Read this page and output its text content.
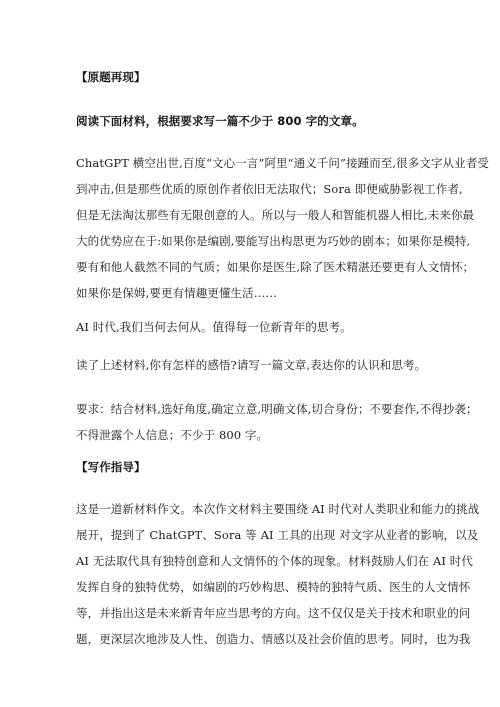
【原题再现】
阅读下面材料，根据要求写一篇不少于 800 字的文章。
ChatGPT 横空出世,百度“文心一言”阿里“通义千问”接踵而至,很多文字从业者受
到冲击,但是那些优质的原创作者依旧无法取代；Sora 即便威胁影视工作者,
但是无法淘汰那些有无限创意的人。所以与一般人和智能机器人相比,未来你最
大的优势应在于:如果你是编剧,要能写出构思更为巧妙的剧本；如果你是模特,
要有和他人截然不同的气质；如果你是医生,除了医术精湛还要更有人文情怀；
如果你是保姆,要更有情趣更懂生活……
AI 时代,我们当何去何从。值得每一位新青年的思考。
读了上述材料,你有怎样的感悟?请写一篇文章,表达你的认识和思考。
要求：结合材料,选好角度,确定立意,明确文体,切合身份；不要套作,不得抄袭；
不得泄露个人信息；不少于 800 字。
【写作指导】
这是一道新材料作文。本次作文材料主要围绕 AI 时代对人类职业和能力的挑战
展开，提到了 ChatGPT、Sora 等 AI 工具的出现 对文字从业者的影响，以及
AI 无法取代具有独特创意和人文情怀的个体的现象。材料鼓励人们在 AI 时代
发挥自身的独特优势，如编剧的巧妙构思、模特的独特气质、医生的人文情怀
等，并指出这是未来新青年应当思考的方向。这不仅仅是关于技术和职业的问
题，更深层次地涉及人性、创造力、情感以及社会价值的思考。同时，也为我
